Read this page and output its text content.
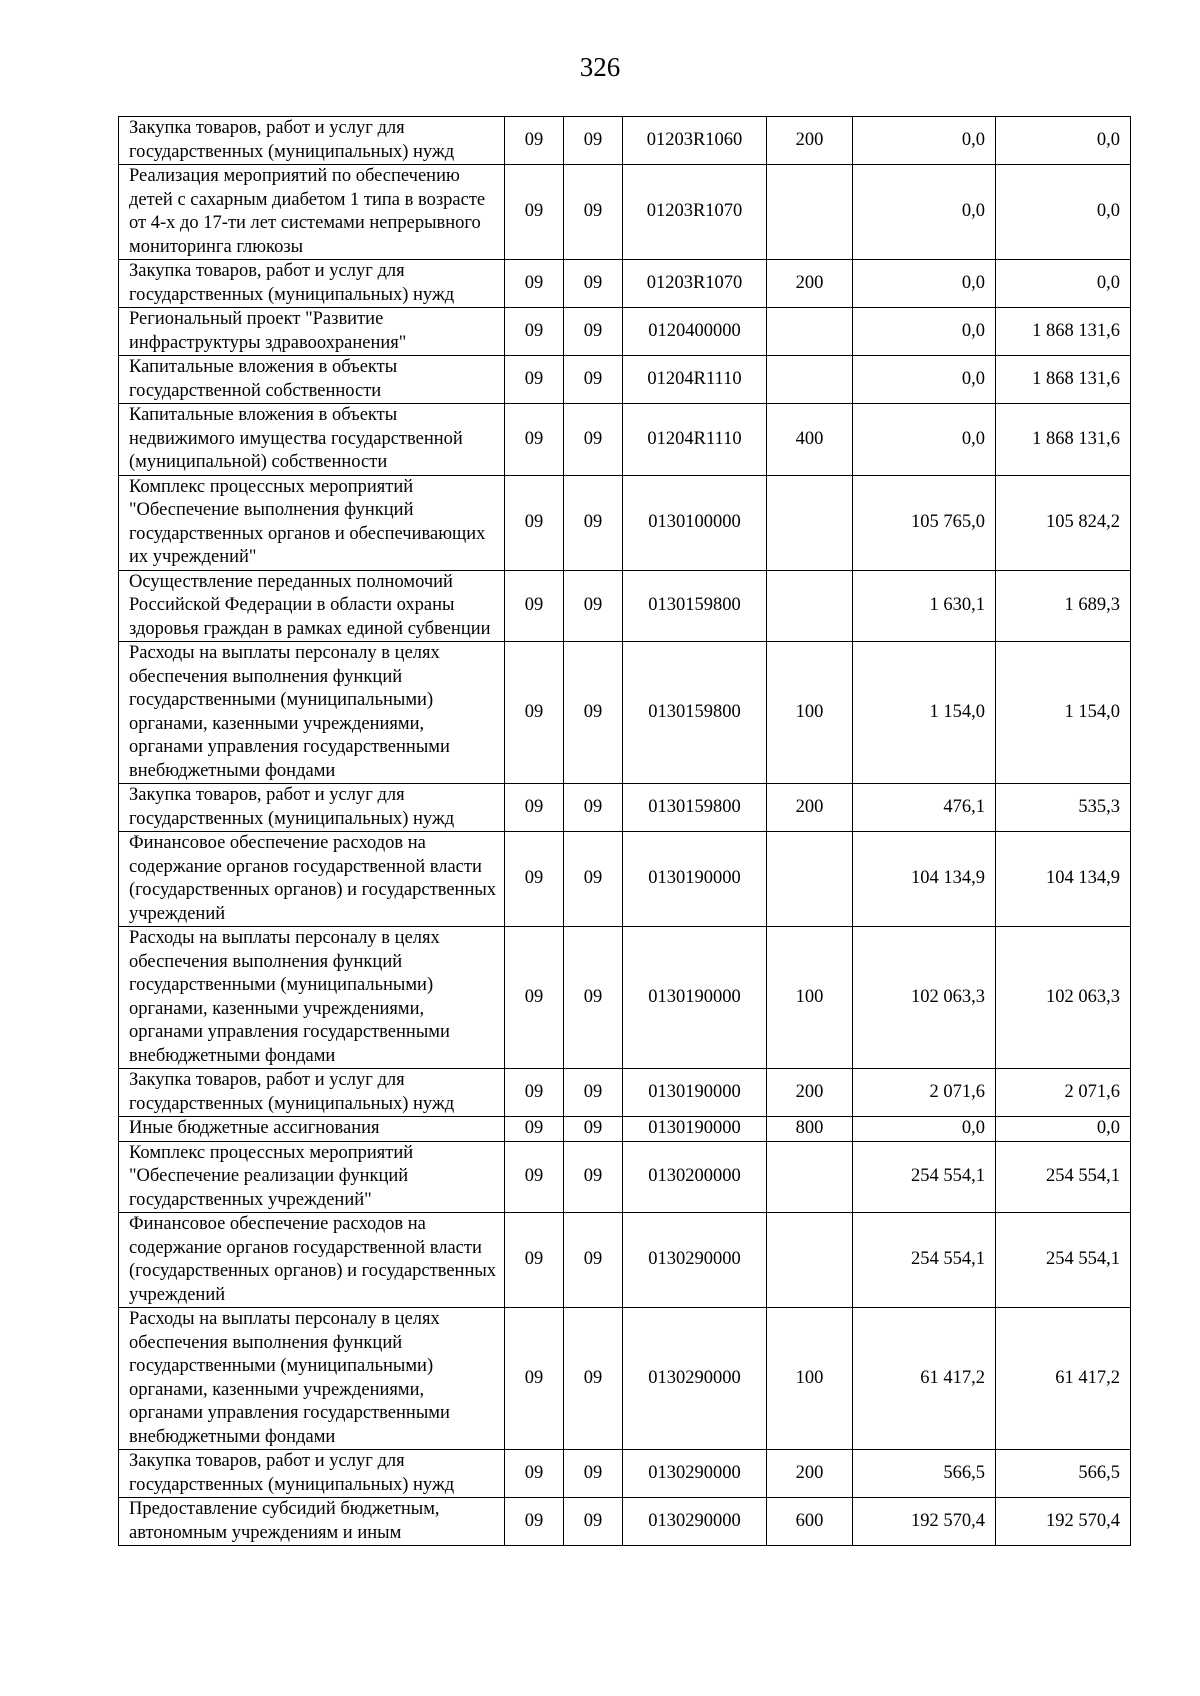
326
Закупка товаров, работ и услуг для государственных (муниципальных) нужд	09	09	01203R1060	200	0,0	0,0
Реализация мероприятий по обеспечению детей с сахарным диабетом 1 типа в возрасте от 4-х до 17-ти лет системами непрерывного мониторинга глюкозы	09	09	01203R1070		0,0	0,0
Закупка товаров, работ и услуг для государственных (муниципальных) нужд	09	09	01203R1070	200	0,0	0,0
Региональный проект "Развитие инфраструктуры здравоохранения"	09	09	0120400000		0,0	1 868 131,6
Капитальные вложения в объекты государственной собственности	09	09	01204R1110		0,0	1 868 131,6
Капитальные вложения в объекты недвижимого имущества государственной (муниципальной) собственности	09	09	01204R1110	400	0,0	1 868 131,6
Комплекс процессных мероприятий "Обеспечение выполнения функций государственных органов и обеспечивающих их учреждений"	09	09	0130100000		105 765,0	105 824,2
Осуществление переданных полномочий Российской Федерации в области охраны здоровья граждан в рамках единой субвенции	09	09	0130159800		1 630,1	1 689,3
Расходы на выплаты персоналу в целях обеспечения выполнения функций государственными (муниципальными) органами, казенными учреждениями, органами управления государственными внебюджетными фондами	09	09	0130159800	100	1 154,0	1 154,0
Закупка товаров, работ и услуг для государственных (муниципальных) нужд	09	09	0130159800	200	476,1	535,3
Финансовое обеспечение расходов на содержание органов государственной власти (государственных органов) и государственных учреждений	09	09	0130190000		104 134,9	104 134,9
Расходы на выплаты персоналу в целях обеспечения выполнения функций государственными (муниципальными) органами, казенными учреждениями, органами управления государственными внебюджетными фондами	09	09	0130190000	100	102 063,3	102 063,3
Закупка товаров, работ и услуг для государственных (муниципальных) нужд	09	09	0130190000	200	2 071,6	2 071,6
Иные бюджетные ассигнования	09	09	0130190000	800	0,0	0,0
Комплекс процессных мероприятий "Обеспечение реализации функций государственных учреждений"	09	09	0130200000		254 554,1	254 554,1
Финансовое обеспечение расходов на содержание органов государственной власти (государственных органов) и государственных учреждений	09	09	0130290000		254 554,1	254 554,1
Расходы на выплаты персоналу в целях обеспечения выполнения функций государственными (муниципальными) органами, казенными учреждениями, органами управления государственными внебюджетными фондами	09	09	0130290000	100	61 417,2	61 417,2
Закупка товаров, работ и услуг для государственных (муниципальных) нужд	09	09	0130290000	200	566,5	566,5
Предоставление субсидий бюджетным, автономным учреждениям и иным	09	09	0130290000	600	192 570,4	192 570,4
